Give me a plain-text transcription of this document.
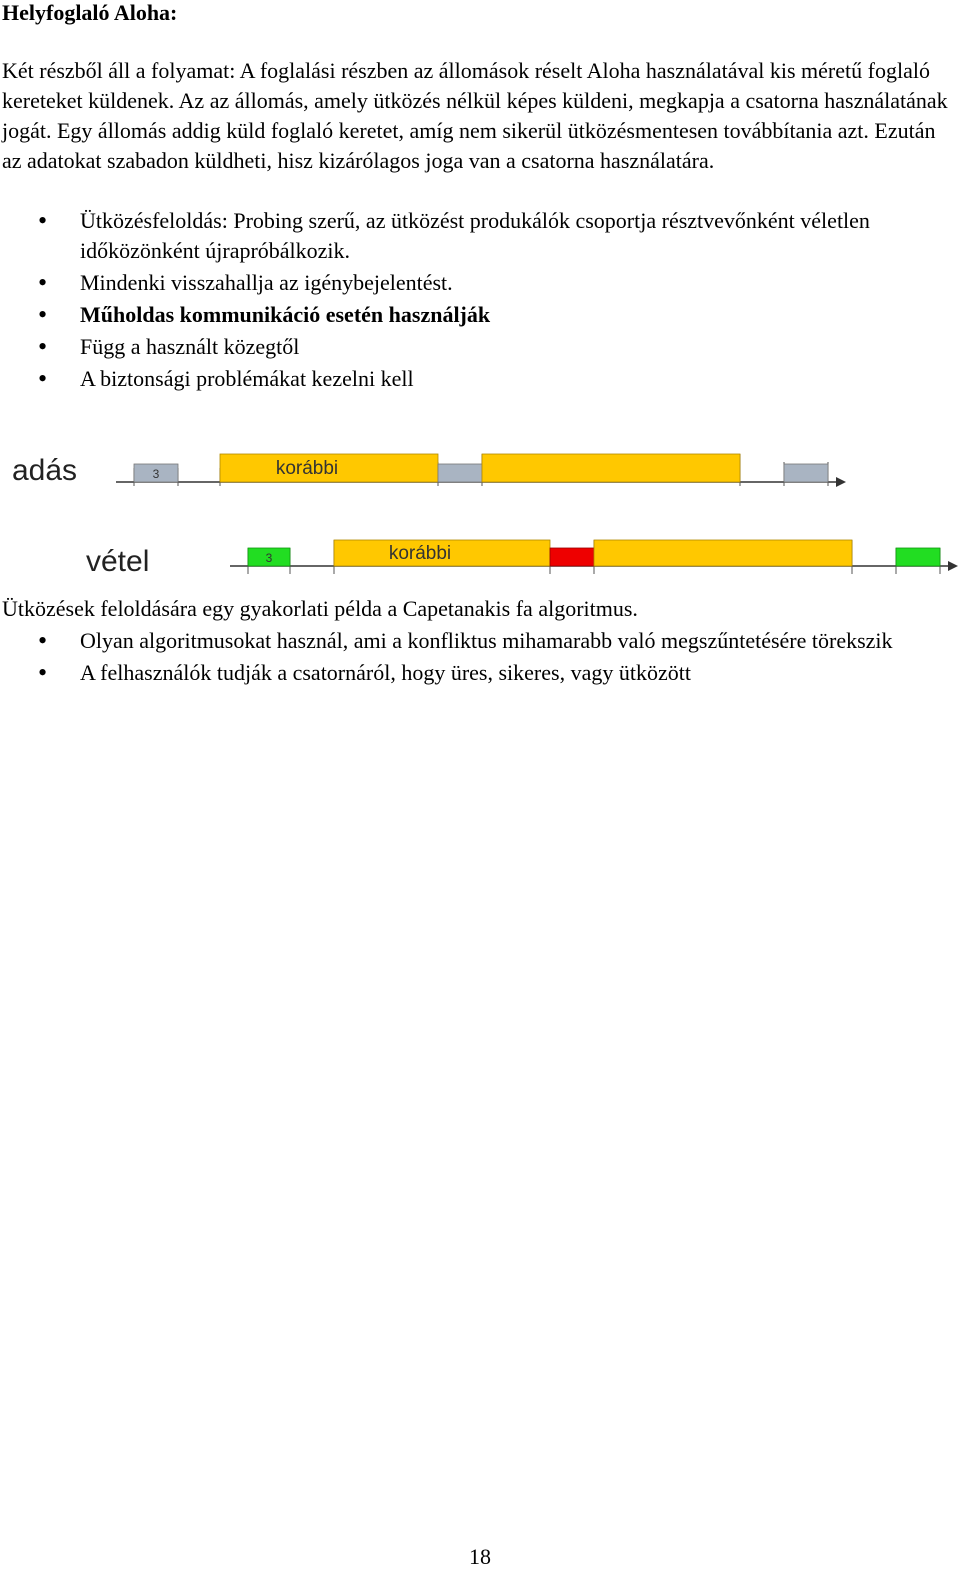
Helyfoglaló Aloha:
Két részből áll a folyamat: A foglalási részben az állomások réselt Aloha használatával kis méretű foglaló kereteket küldenek. Az az állomás, amely ütközés nélkül képes küldeni, megkapja a csatorna használatának jogát. Egy állomás addig küld foglaló keretet, amíg nem sikerül ütközésmentesen továbbítania azt. Ezután az adatokat szabadon küldheti, hisz kizárólagos joga van a csatorna használatára.
• Ütközésfeloldás: Probing szerű, az ütközést produkálók csoportja résztvevőnként véletlen időközönként újrapróbálkozik.
• Mindenki visszahallja az igénybejelentést.
• Műholdas kommunikáció esetén használják
• Függ a használt közegtől
• A biztonsági problémákat kezelni kell
adás	3	korábbi
vétel	3	korábbi
Ütközések feloldására egy gyakorlati példa a Capetanakis fa algoritmus.
• Olyan algoritmusokat használ, ami a konfliktus mihamarabb való megszűntetésére törekszik
• A felhasználók tudják a csatornáról, hogy üres, sikeres, vagy ütközött
18
